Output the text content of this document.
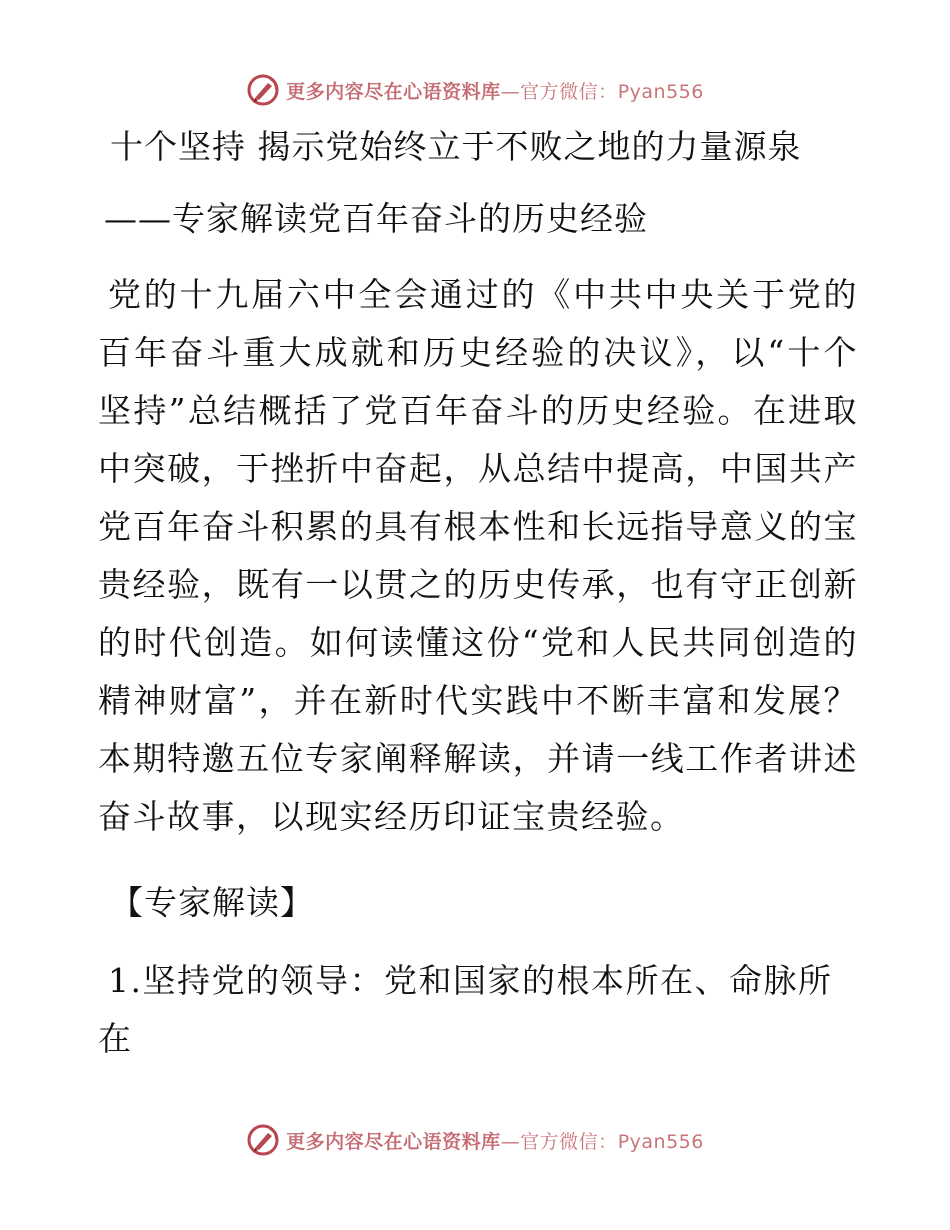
更多内容尽在心语资料库—官方微信：Pyan556
十个坚持 揭示党始终立于不败之地的力量源泉
——专家解读党百年奋斗的历史经验

党的十九届六中全会通过的《中共中央关于党的百年奋斗重大成就和历史经验的决议》，以“十个坚持”总结概括了党百年奋斗的历史经验。在进取中突破，于挫折中奋起，从总结中提高，中国共产党百年奋斗积累的具有根本性和长远指导意义的宝贵经验，既有一以贯之的历史传承，也有守正创新的时代创造。如何读懂这份“党和人民共同创造的精神财富”，并在新时代实践中不断丰富和发展？本期特邀五位专家阐释解读，并请一线工作者讲述奋斗故事，以现实经历印证宝贵经验。

【专家解读】
1.坚持党的领导：党和国家的根本所在、命脉所在
更多内容尽在心语资料库—官方微信：Pyan556
